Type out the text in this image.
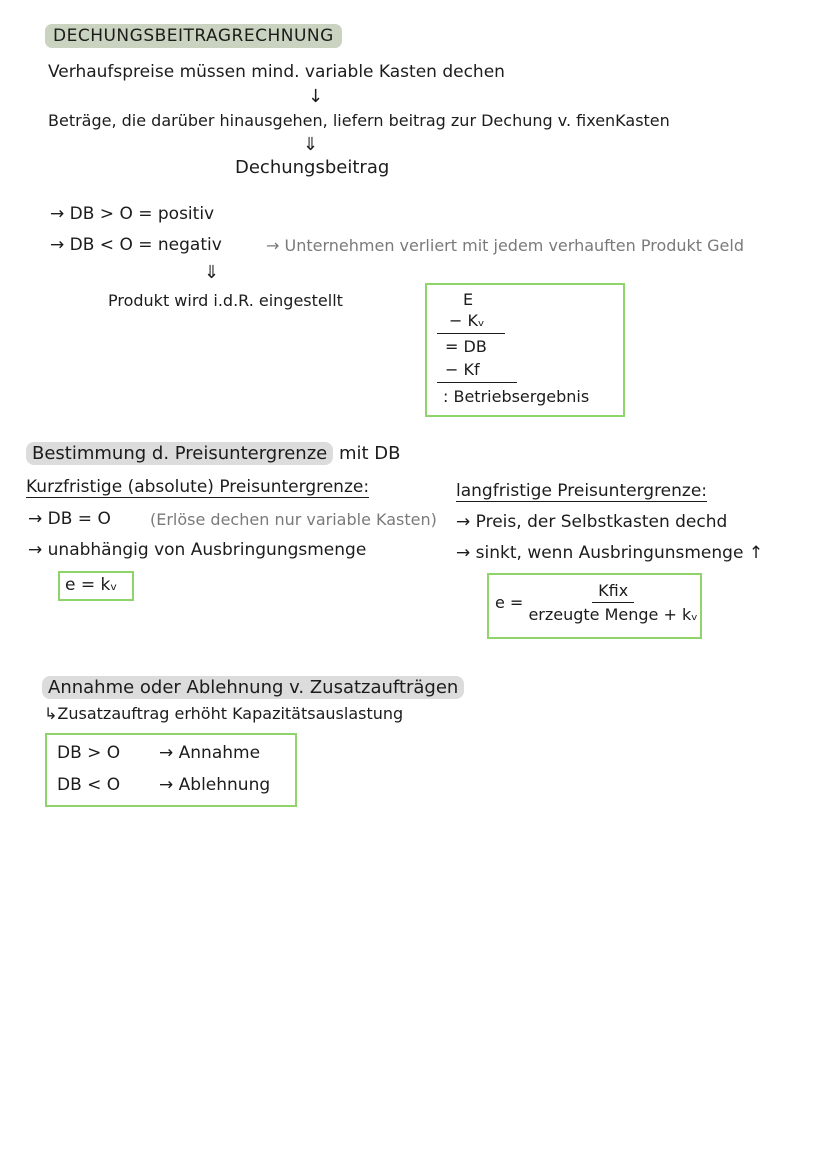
DECHUNGSBEITRAGRECHNUNG
Verhaufspreise müssen mind. variable Kasten dechen
↓
Beträge, die darüber hinausgehen, liefern beitrag zur Dechung v. fixenKasten
⇓
Dechungsbeitrag
→ DB > O = positiv
→ DB < O = negativ	→ Unternehmen verliert mit jedem verhauften Produkt Geld
⇓
Produkt wird i.d.R. eingestellt	E
− Kᵥ
= DB
− Kf
: Betriebsergebnis
Bestimmung d. Preisuntergrenze mit DB
Kurzfristige (absolute) Preisuntergrenze:
→ DB = O (Erlöse dechen nur variable Kasten)
→ unabhängig von Ausbringungsmenge
e = kᵥ
langfristige Preisuntergrenze:
→ Preis, der Selbstkasten dechd
→ sinkt, wenn Ausbringunsmenge ↑
$e = \frac{\text{Kfix}}{\text{erzeugte Menge + kᵥ}}$
Annahme oder Ablehnung v. Zusatzaufträgen
↳Zusatzauftrag erhöht Kapazitätsauslastung
DB > O → Annahme
DB < O → Ablehnung
